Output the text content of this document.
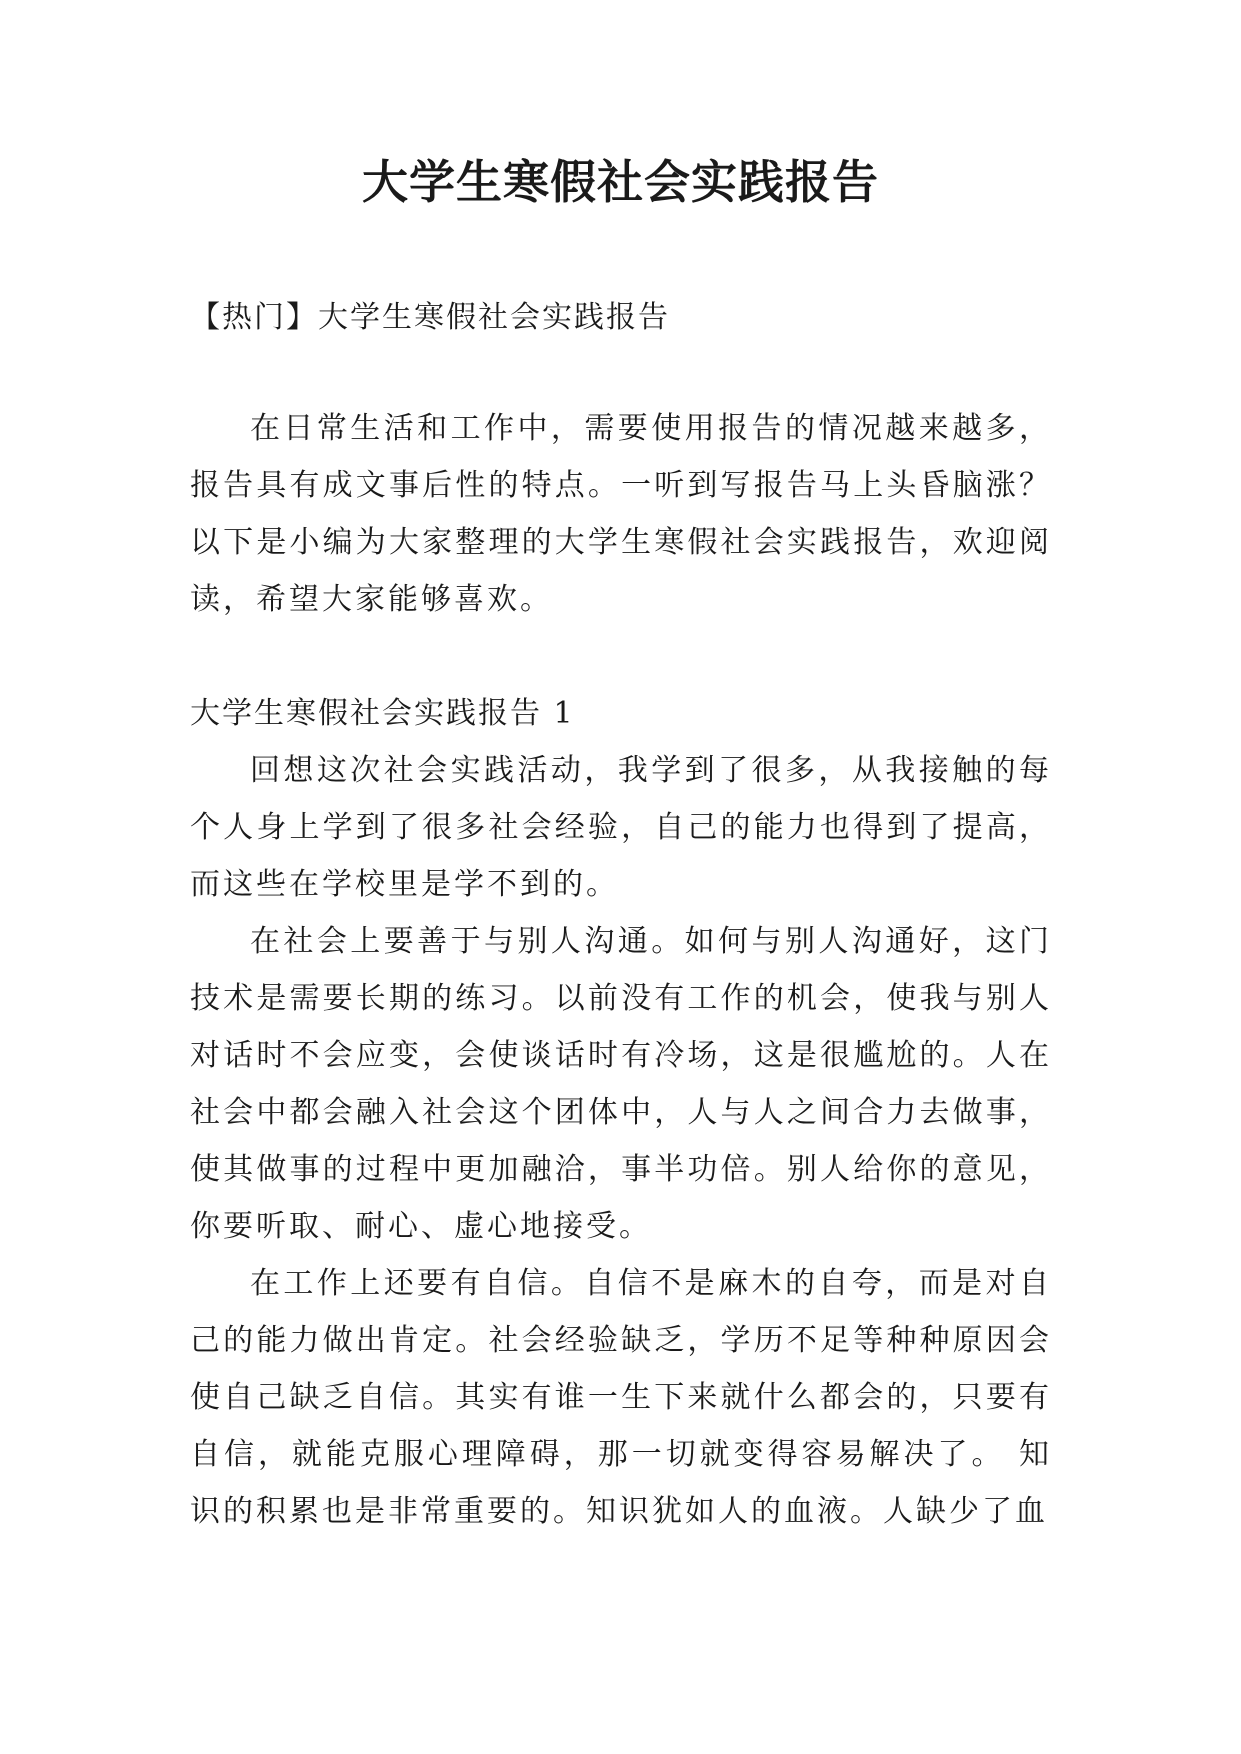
大学生寒假社会实践报告
【热门】大学生寒假社会实践报告

在日常生活和工作中，需要使用报告的情况越来越多，报告具有成文事后性的特点。一听到写报告马上头昏脑涨？以下是小编为大家整理的大学生寒假社会实践报告，欢迎阅读，希望大家能够喜欢。

大学生寒假社会实践报告 1

回想这次社会实践活动，我学到了很多，从我接触的每个人身上学到了很多社会经验，自己的能力也得到了提高，而这些在学校里是学不到的。

在社会上要善于与别人沟通。如何与别人沟通好，这门技术是需要长期的练习。以前没有工作的机会，使我与别人对话时不会应变，会使谈话时有冷场，这是很尴尬的。人在社会中都会融入社会这个团体中，人与人之间合力去做事，使其做事的过程中更加融洽，事半功倍。别人给你的意见，你要听取、耐心、虚心地接受。

在工作上还要有自信。自信不是麻木的自夸，而是对自己的能力做出肯定。社会经验缺乏，学历不足等种种原因会使自己缺乏自信。其实有谁一生下来就什么都会的，只要有自信，就能克服心理障碍，那一切就变得容易解决了。 知识的积累也是非常重要的。知识犹如人的血液。人缺少了血
